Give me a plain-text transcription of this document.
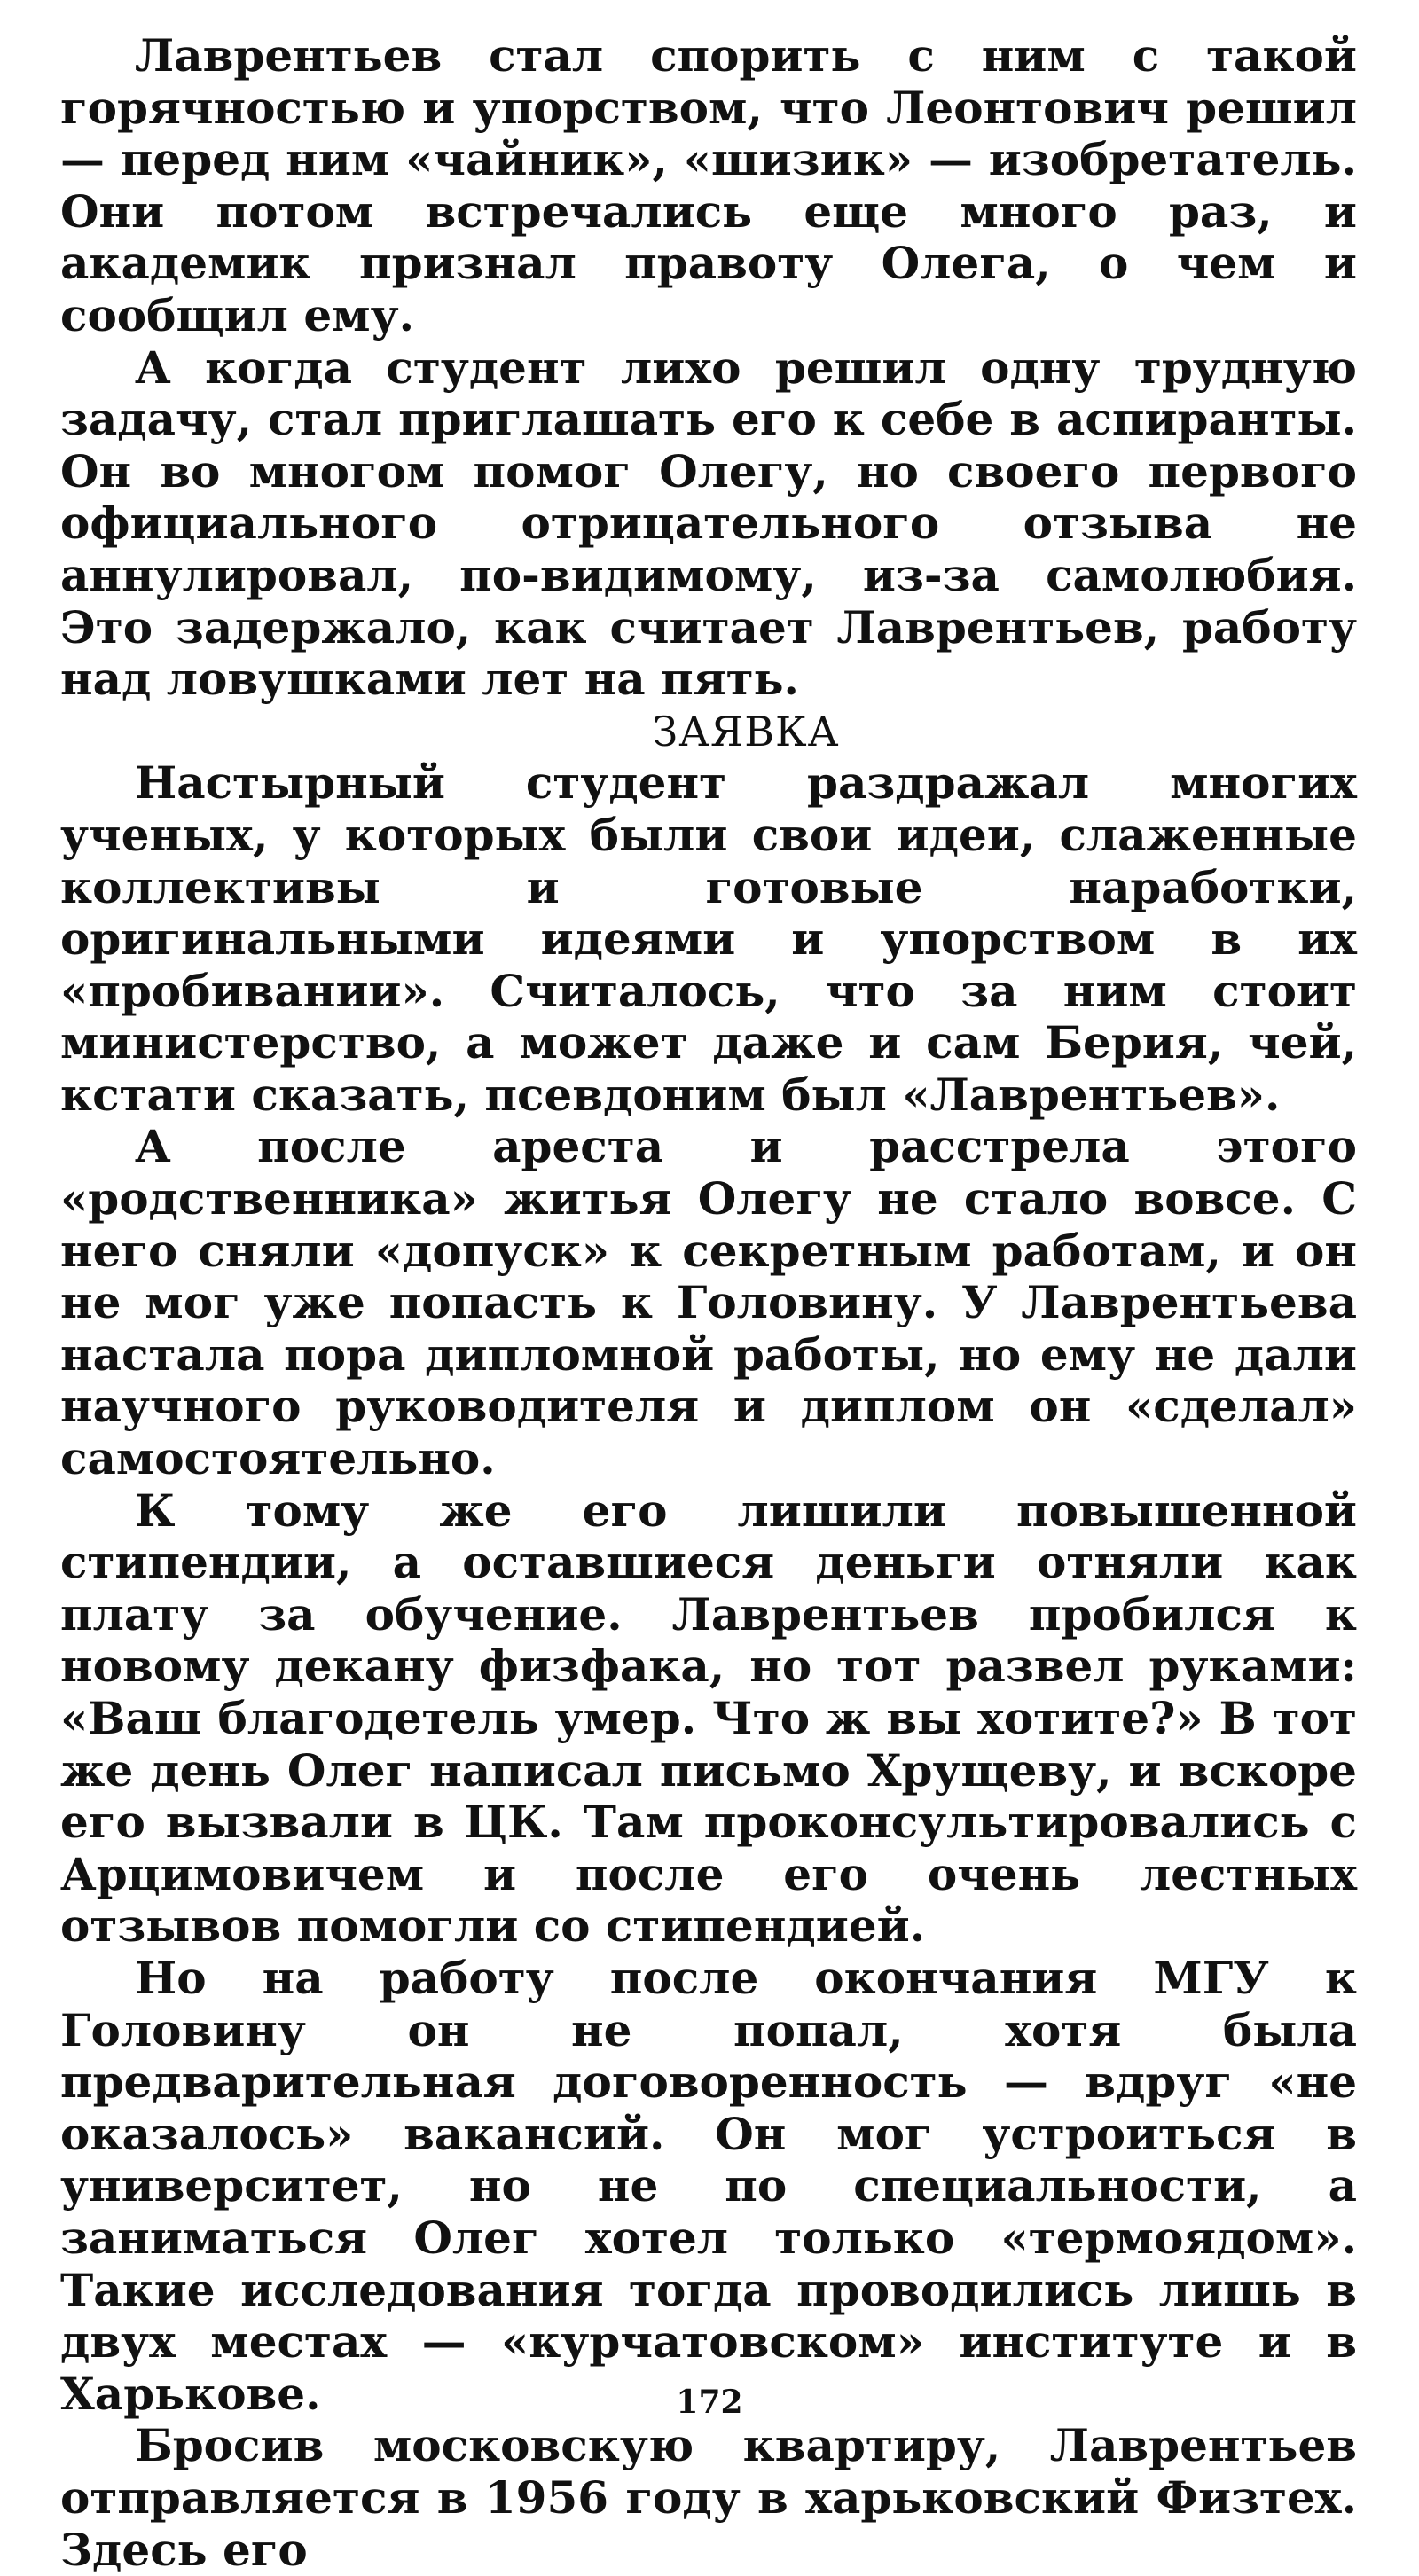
Лаврентьев стал спорить с ним с такой горячностью и упорством, что Леонтович решил — перед ним «чайник», «шизик» — изобретатель. Они потом встречались еще много раз, и академик признал правоту Олега, о чем и сообщил ему.

А когда студент лихо решил одну трудную задачу, стал приглашать его к себе в аспиранты. Он во многом помог Олегу, но своего первого официального отрицательного отзыва не аннулировал, по-видимому, из-за самолюбия. Это задержало, как считает Лаврентьев, работу над ловушками лет на пять.

ЗАЯВКА

Настырный студент раздражал многих ученых, у которых были свои идеи, слаженные коллективы и готовые наработки, оригинальными идеями и упорством в их «пробивании». Считалось, что за ним стоит министерство, а может даже и сам Берия, чей, кстати сказать, псевдоним был «Лаврентьев».

А после ареста и расстрела этого «родственника» житья Олегу не стало вовсе. С него сняли «допуск» к секретным работам, и он не мог уже попасть к Головину. У Лаврентьева настала пора дипломной работы, но ему не дали научного руководителя и диплом он «сделал» самостоятельно.

К тому же его лишили повышенной стипендии, а оставшиеся деньги отняли как плату за обучение. Лаврентьев пробился к новому декану физфака, но тот развел руками: «Ваш благодетель умер. Что ж вы хотите?» В тот же день Олег написал письмо Хрущеву, и вскоре его вызвали в ЦК. Там проконсультировались с Арцимовичем и после его очень лестных отзывов помогли со стипендией.

Но на работу после окончания МГУ к Головину он не попал, хотя была предварительная договоренность — вдруг «не оказалось» вакансий. Он мог устроиться в университет, но не по специальности, а заниматься Олег хотел только «термоядом». Такие исследования тогда проводились лишь в двух местах — «курчатовском» институте и в Харькове.

Бросив московскую квартиру, Лаврентьев отправляется в 1956 году в харьковский Физтех. Здесь его

172
